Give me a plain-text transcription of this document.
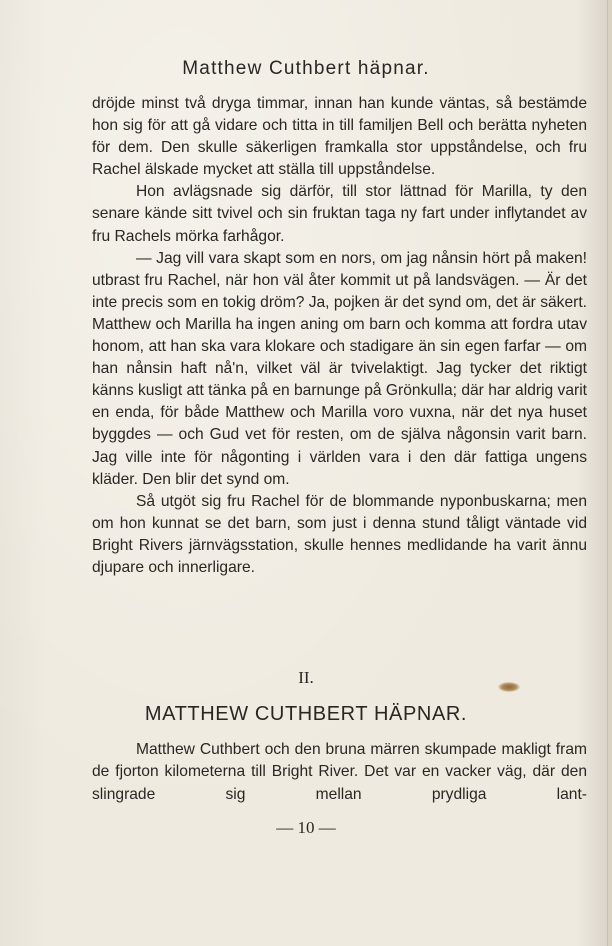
Matthew Cuthbert häpnar.

dröjde minst två dryga timmar, innan han kunde väntas, så bestämde hon sig för att gå vidare och titta in till familjen Bell och berätta nyheten för dem. Den skulle säkerligen framkalla stor uppståndelse, och fru Rachel älskade mycket att ställa till uppståndelse.

Hon avlägsnade sig därför, till stor lättnad för Marilla, ty den senare kände sitt tvivel och sin fruktan taga ny fart under inflytandet av fru Rachels mörka farhågor.

— Jag vill vara skapt som en nors, om jag nånsin hört på maken! utbrast fru Rachel, när hon väl åter kommit ut på landsvägen. — Är det inte precis som en tokig dröm? Ja, pojken är det synd om, det är säkert. Matthew och Marilla ha ingen aning om barn och komma att fordra utav honom, att han ska vara klokare och stadigare än sin egen farfar — om han nånsin haft nå'n, vilket väl är tvivelaktigt. Jag tycker det riktigt känns kusligt att tänka på en barnunge på Grönkulla; där har aldrig varit en enda, för både Matthew och Marilla voro vuxna, när det nya huset byggdes — och Gud vet för resten, om de själva någonsin varit barn. Jag ville inte för någonting i världen vara i den där fattiga ungens kläder. Den blir det synd om.

Så utgöt sig fru Rachel för de blommande nyponbuskarna; men om hon kunnat se det barn, som just i denna stund tåligt väntade vid Bright Rivers järnvägsstation, skulle hennes medlidande ha varit ännu djupare och innerligare.

II.
MATTHEW CUTHBERT HÄPNAR.

Matthew Cuthbert och den bruna märren skumpade makligt fram de fjorton kilometerna till Bright River. Det var en vacker väg, där den slingrade sig mellan prydliga lant-

— 10 —
